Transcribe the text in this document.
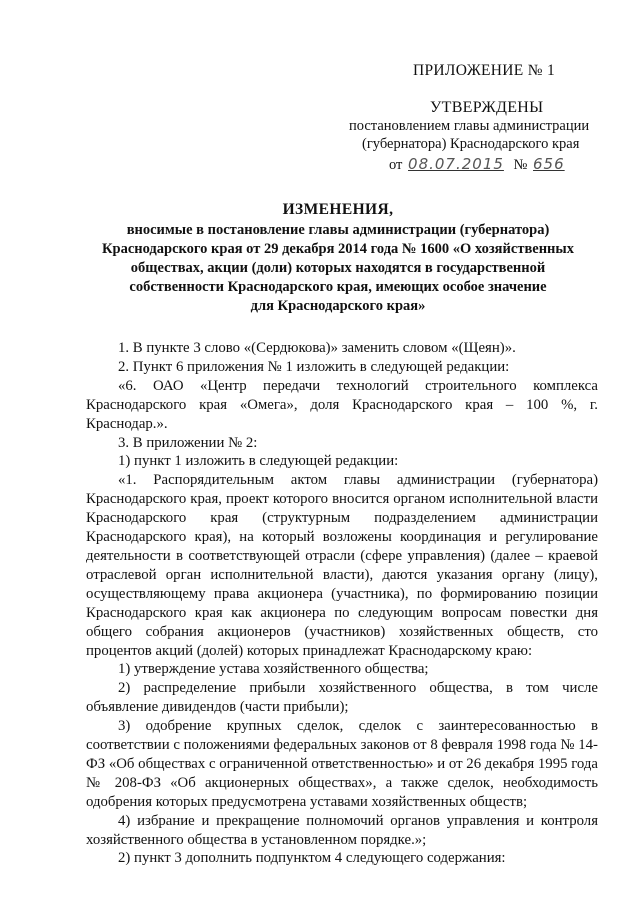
ПРИЛОЖЕНИЕ № 1
УТВЕРЖДЕНЫ
постановлением главы администрации
(губернатора) Краснодарского края
от 08.07.2015 № 656
ИЗМЕНЕНИЯ,
вносимые в постановление главы администрации (губернатора)
Краснодарского края от 29 декабря 2014 года № 1600 «О хозяйственных
обществах, акции (доли) которых находятся в государственной
собственности Краснодарского края, имеющих особое значение
для Краснодарского края»

1. В пункте 3 слово «(Сердюкова)» заменить словом «(Щеян)».

2. Пункт 6 приложения № 1 изложить в следующей редакции:

«6. ОАО «Центр передачи технологий строительного комплекса Краснодарского края «Омега», доля Краснодарского края – 100 %, г. Краснодар.».

3. В приложении № 2:

1) пункт 1 изложить в следующей редакции:

«1. Распорядительным актом главы администрации (губернатора) Краснодарского края, проект которого вносится органом исполнительной власти Краснодарского края (структурным подразделением администрации Краснодарского края), на который возложены координация и регулирование деятельности в соответствующей отрасли (сфере управления) (далее – краевой отраслевой орган исполнительной власти), даются указания органу (лицу), осуществляющему права акционера (участника), по формированию позиции Краснодарского края как акционера по следующим вопросам повестки дня общего собрания акционеров (участников) хозяйственных обществ, сто процентов акций (долей) которых принадлежат Краснодарскому краю:

1) утверждение устава хозяйственного общества;

2) распределение прибыли хозяйственного общества, в том числе объявление дивидендов (части прибыли);

3) одобрение крупных сделок, сделок с заинтересованностью в соответствии с положениями федеральных законов от 8 февраля 1998 года № 14-ФЗ «Об обществах с ограниченной ответственностью» и от 26 декабря 1995 года № 208-ФЗ «Об акционерных обществах», а также сделок, необходимость одобрения которых предусмотрена уставами хозяйственных обществ;

4) избрание и прекращение полномочий органов управления и контроля хозяйственного общества в установленном порядке.»;

2) пункт 3 дополнить подпунктом 4 следующего содержания:
